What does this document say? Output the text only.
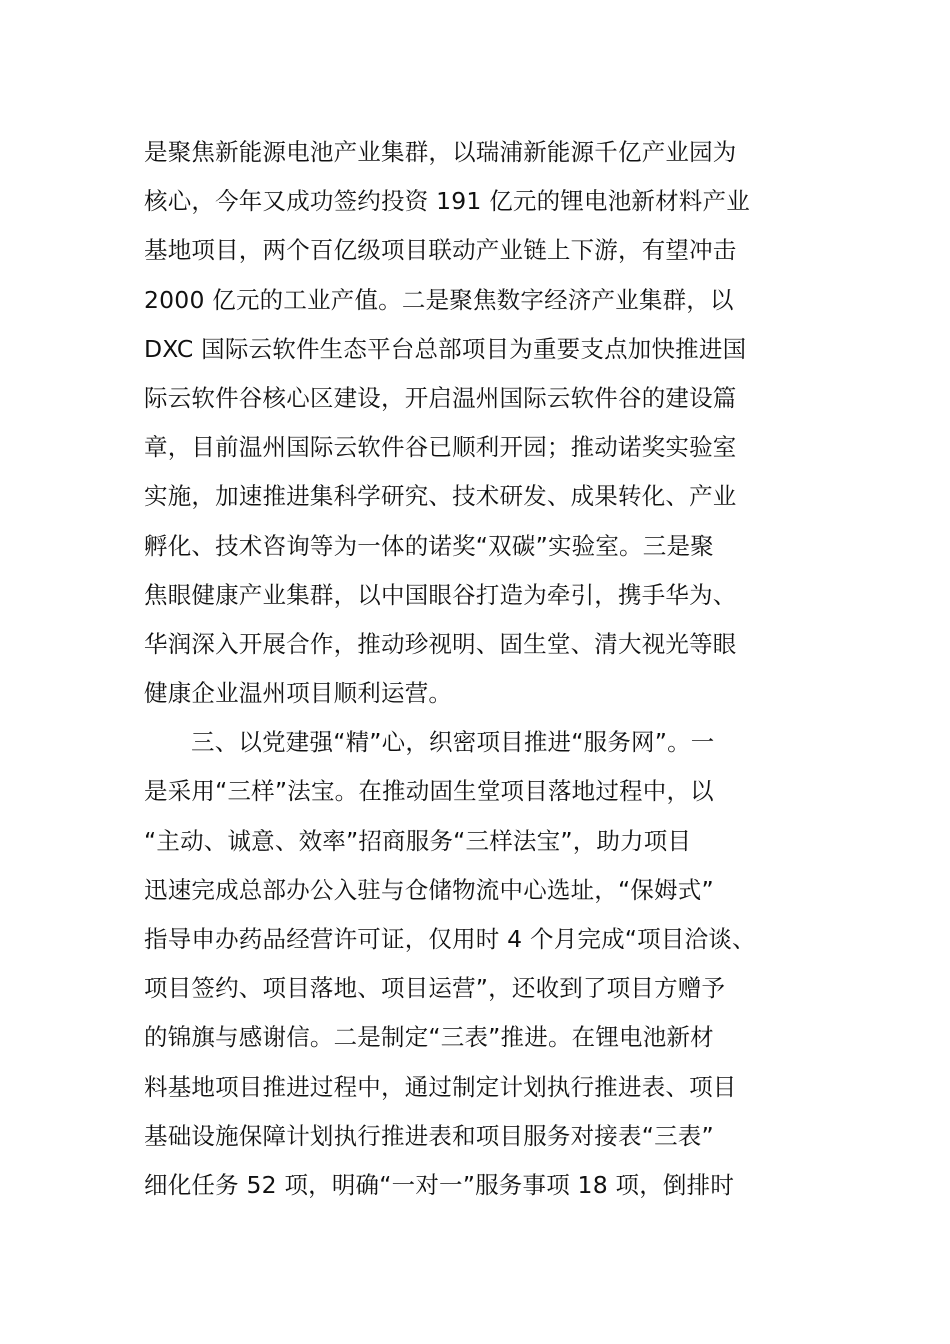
是聚焦新能源电池产业集群，以瑞浦新能源千亿产业园为
核心，今年又成功签约投资 191 亿元的锂电池新材料产业
基地项目，两个百亿级项目联动产业链上下游，有望冲击
2000 亿元的工业产值。二是聚焦数字经济产业集群，以
DXC 国际云软件生态平台总部项目为重要支点加快推进国
际云软件谷核心区建设，开启温州国际云软件谷的建设篇
章，目前温州国际云软件谷已顺利开园；推动诺奖实验室
实施，加速推进集科学研究、技术研发、成果转化、产业
孵化、技术咨询等为一体的诺奖“双碳”实验室。三是聚
焦眼健康产业集群，以中国眼谷打造为牵引，携手华为、
华润深入开展合作，推动珍视明、固生堂、清大视光等眼
健康企业温州项目顺利运营。
三、以党建强“精”心，织密项目推进“服务网”。一
是采用“三样”法宝。在推动固生堂项目落地过程中，以
“主动、诚意、效率”招商服务“三样法宝”，助力项目
迅速完成总部办公入驻与仓储物流中心选址，“保姆式”
指导申办药品经营许可证，仅用时 4 个月完成“项目洽谈、
项目签约、项目落地、项目运营”，还收到了项目方赠予
的锦旗与感谢信。二是制定“三表”推进。在锂电池新材
料基地项目推进过程中，通过制定计划执行推进表、项目
基础设施保障计划执行推进表和项目服务对接表“三表”
细化任务 52 项，明确“一对一”服务事项 18 项，倒排时
